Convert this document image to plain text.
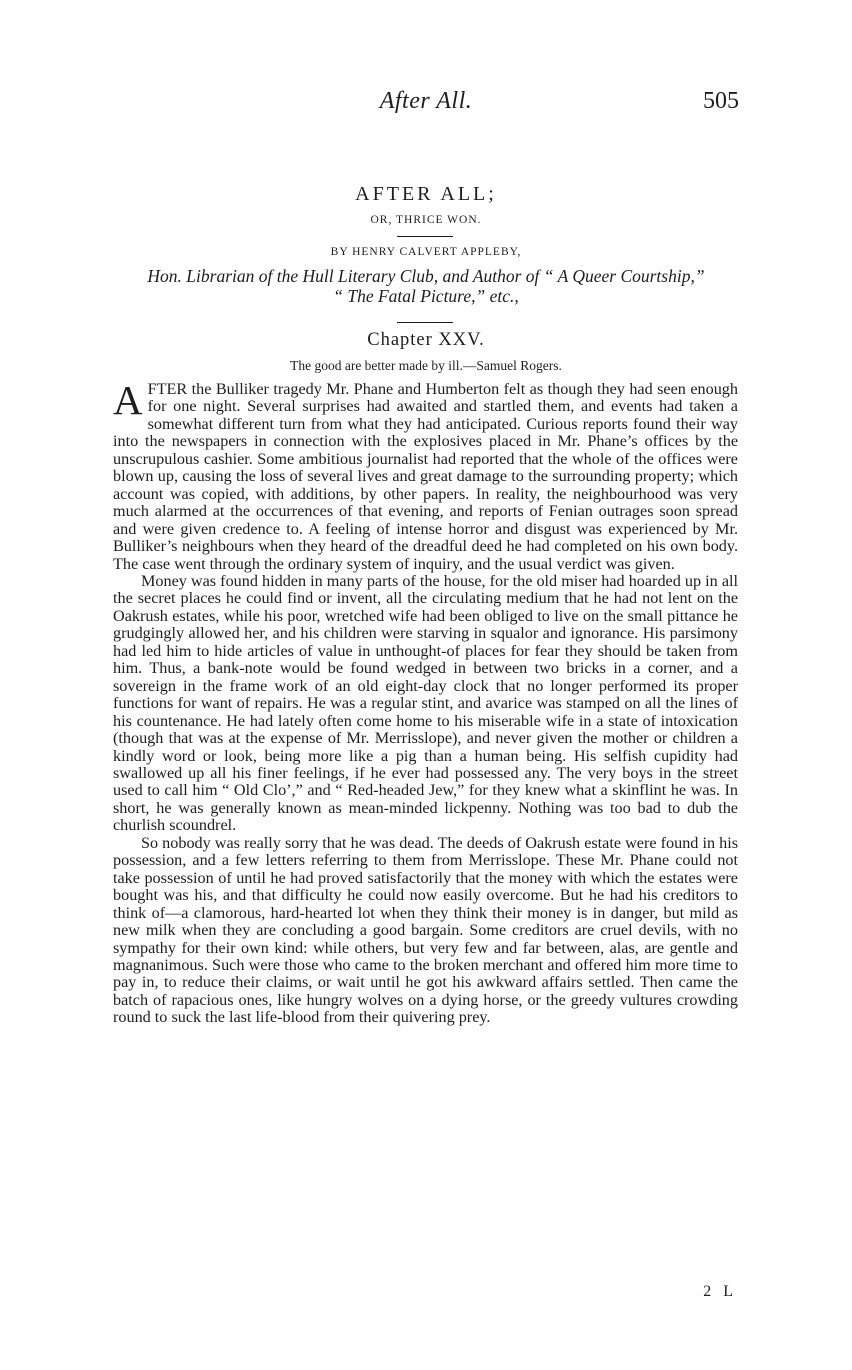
After All.	505
AFTER ALL;
OR, THRICE WON.
BY HENRY CALVERT APPLEBY,
Hon. Librarian of the Hull Literary Club, and Author of “ A Queer Courtship,”
“ The Fatal Picture,” etc.,
Chapter XXV.
The good are better made by ill.—Samuel Rogers.

AFTER the Bulliker tragedy Mr. Phane and Humberton felt as though they had seen enough for one night. Several surprises had awaited and startled them, and events had taken a somewhat different turn from what they had anticipated. Curious reports found their way into the newspapers in connection with the explosives placed in Mr. Phane’s offices by the unscrupulous cashier. Some ambitious journalist had reported that the whole of the offices were blown up, causing the loss of several lives and great damage to the surrounding property; which account was copied, with additions, by other papers. In reality, the neighbourhood was very much alarmed at the occurrences of that evening, and reports of Fenian outrages soon spread and were given credence to. A feeling of intense horror and disgust was experienced by Mr. Bulliker’s neighbours when they heard of the dreadful deed he had completed on his own body. The case went through the ordinary system of inquiry, and the usual verdict was given.

Money was found hidden in many parts of the house, for the old miser had hoarded up in all the secret places he could find or invent, all the circulating medium that he had not lent on the Oakrush estates, while his poor, wretched wife had been obliged to live on the small pittance he grudgingly allowed her, and his children were starving in squalor and ignorance. His parsimony had led him to hide articles of value in unthought-of places for fear they should be taken from him. Thus, a bank-note would be found wedged in between two bricks in a corner, and a sovereign in the frame work of an old eight-day clock that no longer performed its proper functions for want of repairs. He was a regular stint, and avarice was stamped on all the lines of his countenance. He had lately often come home to his miserable wife in a state of intoxication (though that was at the expense of Mr. Merrisslope), and never given the mother or children a kindly word or look, being more like a pig than a human being. His selfish cupidity had swallowed up all his finer feelings, if he ever had possessed any. The very boys in the street used to call him “ Old Clo’,” and “ Red-headed Jew,” for they knew what a skinflint he was. In short, he was generally known as mean-minded lickpenny. Nothing was too bad to dub the churlish scoundrel.

So nobody was really sorry that he was dead. The deeds of Oakrush estate were found in his possession, and a few letters referring to them from Merrisslope. These Mr. Phane could not take possession of until he had proved satisfactorily that the money with which the estates were bought was his, and that difficulty he could now easily overcome. But he had his creditors to think of—a clamorous, hard-hearted lot when they think their money is in danger, but mild as new milk when they are concluding a good bargain. Some creditors are cruel devils, with no sympathy for their own kind: while others, but very few and far between, alas, are gentle and magnanimous. Such were those who came to the broken merchant and offered him more time to pay in, to reduce their claims, or wait until he got his awkward affairs settled. Then came the batch of rapacious ones, like hungry wolves on a dying horse, or the greedy vultures crowding round to suck the last life-blood from their quivering prey.

2 L
